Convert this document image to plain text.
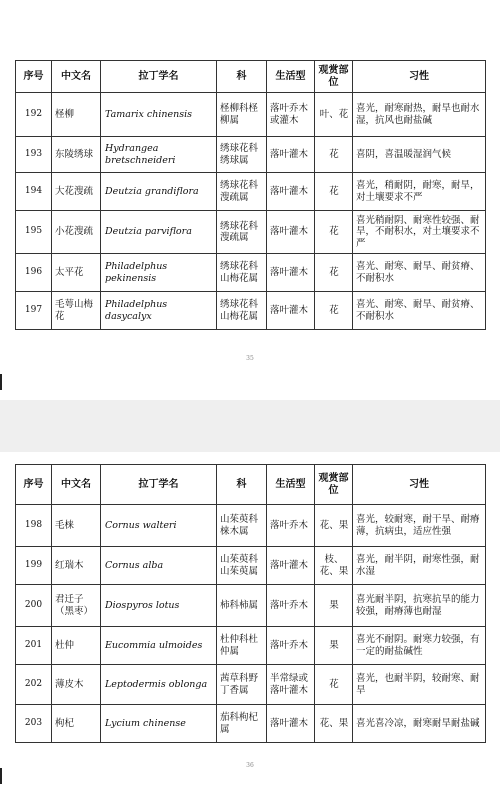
序号	中文名	拉丁学名	科	生活型	观赏部位	习性
192	柽柳	Tamarix chinensis	柽柳科柽柳属	落叶乔木或灌木	叶、花	喜光，耐寒耐热，耐旱也耐水湿，抗风也耐盐碱
193	东陵绣球	Hydrangea bretschneideri	绣球花科绣球属	落叶灌木	花	喜阴，喜温暖湿润气候
194	大花溲疏	Deutzia grandiflora	绣球花科溲疏属	落叶灌木	花	喜光，稍耐阴，耐寒，耐旱，对土壤要求不严
195	小花溲疏	Deutzia parviflora	绣球花科溲疏属	落叶灌木	花	喜光稍耐阴、耐寒性较强、耐旱，不耐积水，对土壤要求不严
196	太平花	Philadelphus pekinensis	绣球花科山梅花属	落叶灌木	花	喜光、耐寒、耐旱、耐贫瘠、不耐积水
197	毛萼山梅花	Philadelphus dasycalyx	绣球花科山梅花属	落叶灌木	花	喜光、耐寒、耐旱、耐贫瘠、不耐积水
35
序号	中文名	拉丁学名	科	生活型	观赏部位	习性
198	毛梾	Cornus walteri	山茱萸科梾木属	落叶乔木	花、果	喜光，较耐寒，耐干旱、耐瘠薄，抗病虫，适应性强
199	红瑞木	Cornus alba	山茱萸科山茱萸属	落叶灌木	枝、花、果	喜光，耐半阴，耐寒性强，耐水湿
200	君迁子（黑枣）	Diospyros lotus	柿科柿属	落叶乔木	果	喜光耐半阴，抗寒抗旱的能力较强，耐瘠薄也耐湿
201	杜仲	Eucommia ulmoides	杜仲科杜仲属	落叶乔木	果	喜光不耐阴。耐寒力较强，有一定的耐盐碱性
202	薄皮木	Leptodermis oblonga	茜草科野丁香属	半常绿或落叶灌木	花	喜光，也耐半阴，较耐寒、耐旱
203	枸杞	Lycium chinense	茄科枸杞属	落叶灌木	花、果	喜光喜冷凉，耐寒耐旱耐盐碱
36
